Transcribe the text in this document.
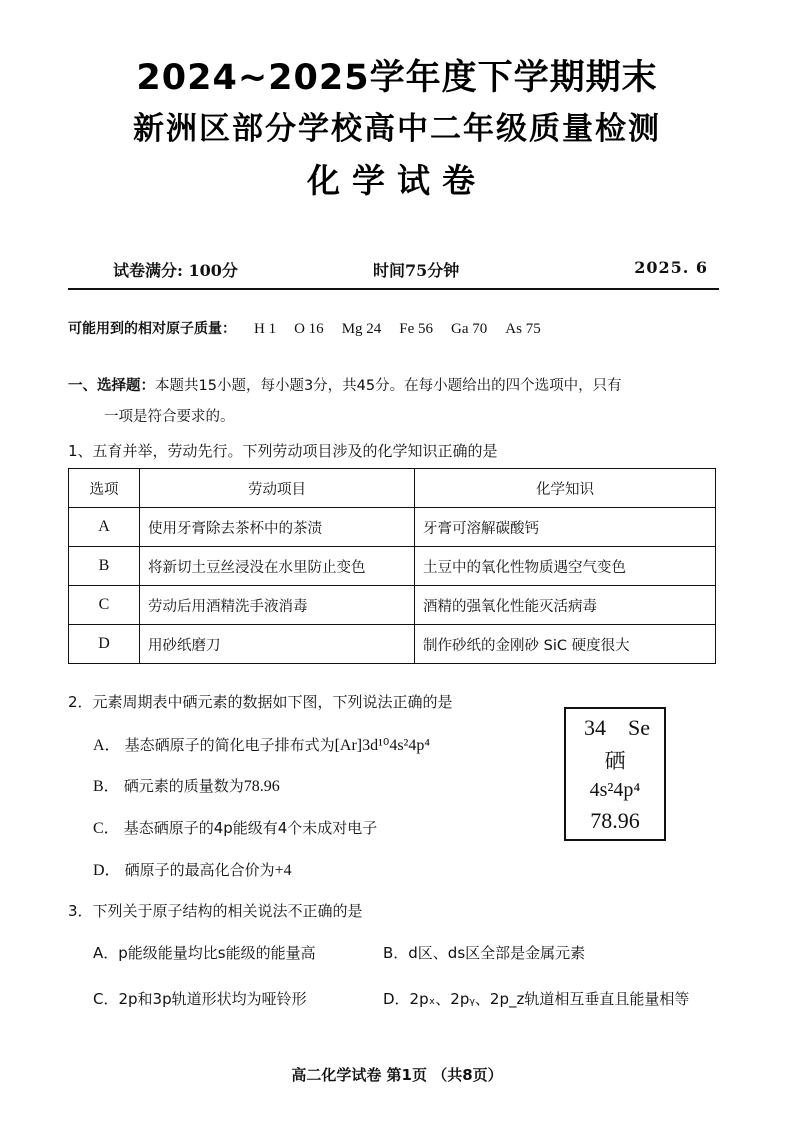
2024~2025学年度下学期期末
新洲区部分学校高中二年级质量检测
化学试卷
试卷满分: 100分	时间75分钟	2025. 6
可能用到的相对原子质量： H 1 O 16 Mg 24 Fe 56 Ga 70 As 75
一、选择题：本题共15小题，每小题3分，共45分。在每小题给出的四个选项中，只有
一项是符合要求的。
1、五育并举，劳动先行。下列劳动项目涉及的化学知识正确的是
选项	劳动项目	化学知识
A	使用牙膏除去茶杯中的茶渍	牙膏可溶解碳酸钙
B	将新切土豆丝浸没在水里防止变色	土豆中的氧化性物质遇空气变色
C	劳动后用酒精洗手液消毒	酒精的强氧化性能灭活病毒
D	用砂纸磨刀	制作砂纸的金刚砂 SiC 硬度很大
2．元素周期表中硒元素的数据如下图，下列说法正确的是
A． 基态硒原子的简化电子排布式为[Ar]3d¹⁰4s²4p⁴
B． 硒元素的质量数为78.96
C． 基态硒原子的4p能级有4个未成对电子
D． 硒原子的最高化合价为+4
34 Se
硒
4s²4p⁴
78.96
3．下列关于原子结构的相关说法不正确的是
A．p能级能量均比s能级的能量高	B．d区、ds区全部是金属元素
C．2p和3p轨道形状均为哑铃形	D．2pₓ、2pᵧ、2p_z轨道相互垂直且能量相等
高二化学试卷 第1页 （共8页）
